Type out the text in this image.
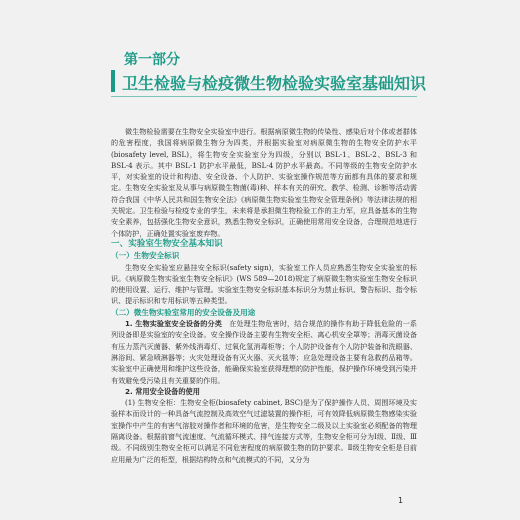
第一部分
卫生检验与检疫微生物检验实验室基础知识

微生物检验需要在生物安全实验室中进行。根据病原微生物的传染性、感染后对个体或者群体的危害程度，我国将病原微生物分为四类，并根据实验室对病原微生物的生物安全防护水平(biosafety level, BSL)，将生物安全实验室分为四级，分别以 BSL-1、BSL-2、BSL-3 和 BSL-4 表示。其中 BSL-1 防护水平最低，BSL-4 防护水平最高。不同等级的生物安全防护水平，对实验室的设计和构造、安全设备、个人防护、实验室操作规范等方面都有具体的要求和规定。生物安全实验室及从事与病原微生物菌(毒)种、样本有关的研究、教学、检测、诊断等活动需符合我国《中华人民共和国生物安全法》《病原微生物实验室生物安全管理条例》等法律法规的相关规定。卫生检验与检疫专业的学生，未来将是承担微生物检验工作的主力军，应具备基本的生物安全素养，包括强化生物安全意识，熟悉生物安全标识，正确使用常用安全设备，合理规范地进行个体防护，正确处置实验室废弃物。

一、实验室生物安全基本知识

（一）生物安全标识

生物安全实验室应悬挂安全标识(safety sign)，实验室工作人员应熟悉生物安全实验室的标识。《病原微生物实验室生物安全标识》(WS 589—2018)规定了病原微生物实验室生物安全标识的使用设置、运行、维护与管理。实验室生物安全标识基本标识分为禁止标识、警告标识、指令标识、提示标识和专用标识等五种类型。

（二）微生物实验室常用的安全设备及用途

1. 生物实验室安全设备的分类　 在处理生物危害时，结合规范的操作有助于降低危险的一系列设备即是实验室的安全设备。安全操作设备主要有生物安全柜、离心机安全罩等；消毒灭菌设备有压力蒸汽灭菌器、紫外线消毒灯、过氧化氢消毒柜等；个人防护设备有个人防护装备和洗眼器、淋浴间、紧急喷淋器等；火灾处理设备有灭火器、灭火毯等；应急处理设备主要有急救药品箱等。实验室中正确使用和维护这些设备，能确保实验室获得理想的防护性能，保护操作环境受到污染并有效避免受污染且有关重要的作用。

2. 常用安全设备的使用

(1) 生物安全柜：生物安全柜(biosafety cabinet, BSC)是为了保护操作人员、周围环境及实验样本而设计的一种具备气流控制及高效空气过滤装置的操作柜，可有效降低病原微生物感染实验室操作中产生的有害气溶胶对操作者和环境的危害，是生物安全二级及以上实验室必须配备的物理隔离设备。根据前窗气流速度、气流循环模式、排气连接方式等，生物安全柜可分为Ⅰ级、Ⅱ级、Ⅲ级。不同级别生物安全柜可以满足不同危害程度的病原微生物的防护要求。Ⅱ级生物安全柜是目前应用最为广泛的柜型，根据结构特点和气流模式的不同，又分为

1
